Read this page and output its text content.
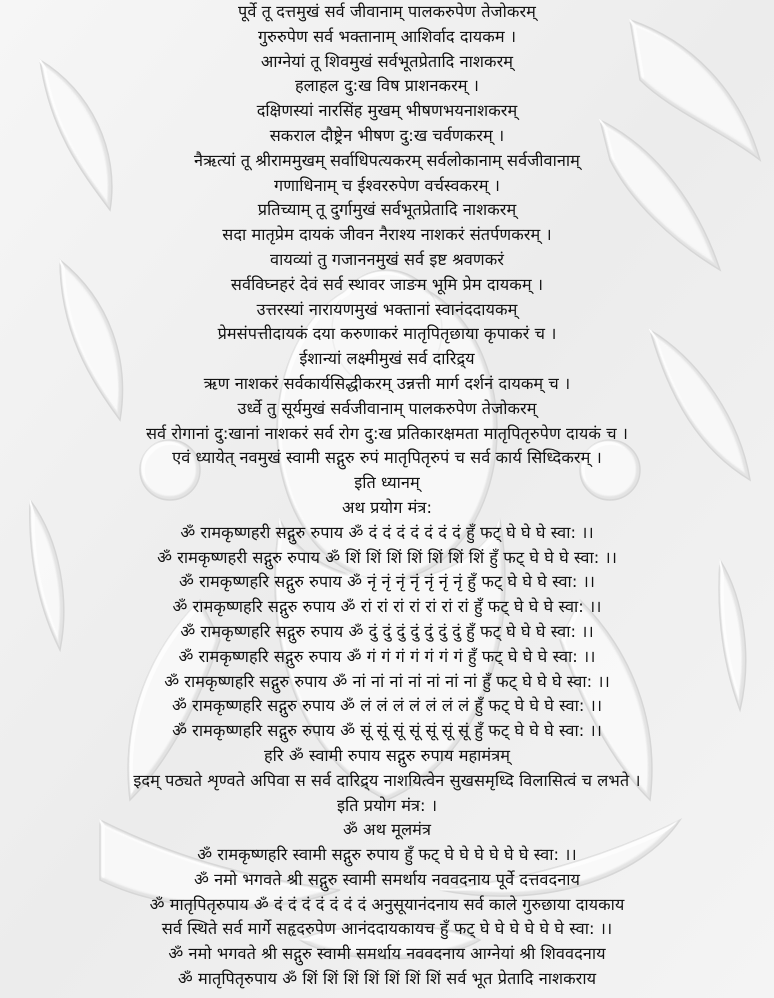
पूर्वे तू दत्तमुखं सर्व जीवानाम् पालकरुपेण तेजोकरम्
गुरुरुपेण सर्व भक्तानाम् आशिर्वाद दायकम ।
आग्नेयां तू शिवमुखं सर्वभूतप्रेतादि नाशकरम्
हलाहल दु:ख विष प्राशनकरम् ।
दक्षिणस्यां नारसिंह मुखम् भीषणभयनाशकरम्
सकराल दौष्ट्रेन भीषण दु:ख चर्वणकरम् ।
नैऋत्यां तू श्रीराममुखम् सर्वाधिपत्यकरम् सर्वलोकानाम् सर्वजीवानाम्
गणाधिनाम् च ईश्वररुपेण वर्चस्वकरम् ।
प्रतिच्याम् तू दुर्गामुखं सर्वभूतप्रेतादि नाशकरम्
सदा मातृप्रेम दायकं जीवन नैराश्य नाशकरं संतर्पणकरम् ।
वायव्यां तु गजाननमुखं सर्व इष्ट श्रवणकरं
सर्वविघ्नहरं देवं सर्व स्थावर जाङम भूमि प्रेम दायकम् ।
उत्तरस्यां नारायणमुखं भक्तानां स्वानंददायकम्
प्रेमसंपत्तीदायकं दया करुणाकरं मातृपितृछाया कृपाकरं च ।
ईशान्यां लक्ष्मीमुखं सर्व दारिद्र्य
ऋण नाशकरं सर्वकार्यसिद्धीकरम् उन्नत्ती मार्ग दर्शनं दायकम् च ।
उर्ध्वे तु सूर्यमुखं सर्वजीवानाम् पालकरुपेण तेजोकरम्
सर्व रोगानां दु:खानां नाशकरं सर्व रोग दु:ख प्रतिकारक्षमता मातृपितृरुपेण दायकं च ।
एवं ध्यायेत् नवमुखं स्वामी सद्गुरु रुपं मातृपितृरुपं च सर्व कार्य सिध्दिकरम् ।
इति ध्यानम्
अथ प्रयोग मंत्र:
ॐ रामकृष्णहरी सद्गुरु रुपाय ॐ दं दं दं दं दं दं दं हुँ फट् घे घे घे स्वा: ।।
ॐ रामकृष्णहरी सद्गुरु रुपाय ॐ शिं शिं शिं शिं शिं शिं शिं हुँ फट् घे घे घे स्वा: ।।
ॐ रामकृष्णहरि सद्गुरु रुपाय ॐ नृं नृं नृं नृं नृं नृं नृं हुँ फट् घे घे घे स्वा: ।।
ॐ रामकृष्णहरि सद्गुरु रुपाय ॐ रां रां रां रां रां रां रां हुँ फट् घे घे घे स्वा: ।।
ॐ रामकृष्णहरि सद्गुरु रुपाय ॐ दुं दुं दुं दुं दुं दुं दुं हुँ फट् घे घे घे स्वा: ।।
ॐ रामकृष्णहरि सद्गुरु रुपाय ॐ गं गं गं गं गं गं गं हुँ फट् घे घे घे स्वा: ।।
ॐ रामकृष्णहरि सद्गुरु रुपाय ॐ नां नां नां नां नां नां नां हुँ फट् घे घे घे स्वा: ।।
ॐ रामकृष्णहरि सद्गुरु रुपाय ॐ लं लं लं लं लं लं लं हुँ फट् घे घे घे स्वा: ।।
ॐ रामकृष्णहरि सद्गुरु रुपाय ॐ सूं सूं सूं सूं सूं सूं सूं हुँ फट् घे घे घे स्वा: ।।
हरि ॐ स्वामी रुपाय सद्गुरु रुपाय महामंत्रम्
इदम् पठ्यते शृण्वते अपिवा स सर्व दारिद्र्य नाशयित्वेन सुखसमृध्दि विलासित्वं च लभते ।
इति प्रयोग मंत्र: ।
ॐ अथ मूलमंत्र
ॐ रामकृष्णहरि स्वामी सद्गुरु रुपाय हुँ फट् घे घे घे घे घे घे स्वा: ।।
ॐ नमो भगवते श्री सद्गुरु स्वामी समर्थाय नववदनाय पूर्वे दत्तवदनाय
ॐ मातृपितृरुपाय ॐ दं दं दं दं दं दं दं अनुसूयानंदनाय सर्व काले गुरुछाया दायकाय
सर्व स्थिते सर्व मार्गे सहृदरुपेण आनंददायकायच हुँ फट् घे घे घे घे घे घे स्वा: ।।
ॐ नमो भगवते श्री सद्गुरु स्वामी समर्थाय नववदनाय आग्नेयां श्री शिववदनाय
ॐ मातृपितृरुपाय ॐ शिं शिं शिं शिं शिं शिं शिं सर्व भूत प्रेतादि नाशकराय
